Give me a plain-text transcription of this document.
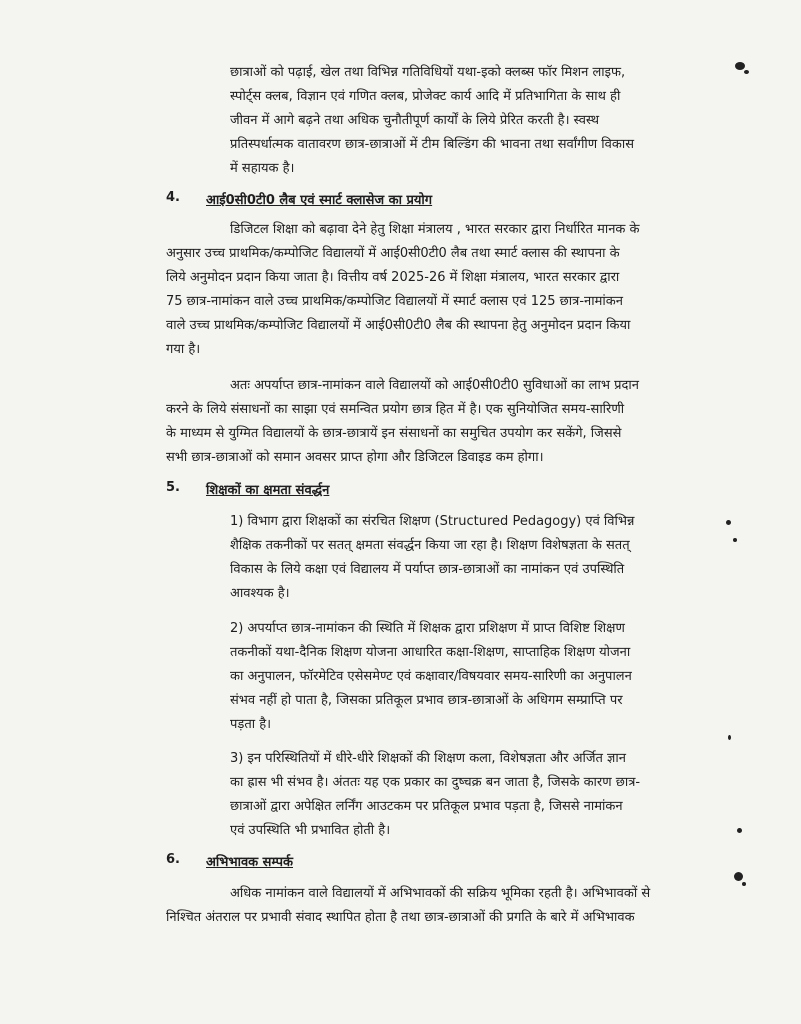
छात्राओं को पढ़ाई, खेल तथा विभिन्न गतिविधियों यथा-इको क्लब्स फॉर मिशन लाइफ,
स्पोर्ट्स क्लब, विज्ञान एवं गणित क्लब, प्रोजेक्ट कार्य आदि में प्रतिभागिता के साथ ही
जीवन में आगे बढ़ने तथा अधिक चुनौतीपूर्ण कार्यों के लिये प्रेरित करती है। स्वस्थ
प्रतिस्पर्धात्मक वातावरण छात्र-छात्राओं में टीम बिल्डिंग की भावना तथा सर्वांगीण विकास
में सहायक है।
4. आई0सी0टी0 लैब एवं स्मार्ट क्लासेज का प्रयोग
डिजिटल शिक्षा को बढ़ावा देने हेतु शिक्षा मंत्रालय , भारत सरकार द्वारा निर्धारित मानक के
अनुसार उच्च प्राथमिक/कम्पोजिट विद्यालयों में आई0सी0टी0 लैब तथा स्मार्ट क्लास की स्थापना के
लिये अनुमोदन प्रदान किया जाता है। वित्तीय वर्ष 2025-26 में शिक्षा मंत्रालय, भारत सरकार द्वारा
75 छात्र-नामांकन वाले उच्च प्राथमिक/कम्पोजिट विद्यालयों में स्मार्ट क्लास एवं 125 छात्र-नामांकन
वाले उच्च प्राथमिक/कम्पोजिट विद्यालयों में आई0सी0टी0 लैब की स्थापना हेतु अनुमोदन प्रदान किया
गया है।
अतः अपर्याप्त छात्र-नामांकन वाले विद्यालयों को आई0सी0टी0 सुविधाओं का लाभ प्रदान
करने के लिये संसाधनों का साझा एवं समन्वित प्रयोग छात्र हित में है। एक सुनियोजित समय-सारिणी
के माध्यम से युग्मित विद्यालयों के छात्र-छात्रायें इन संसाधनों का समुचित उपयोग कर सकेंगे, जिससे
सभी छात्र-छात्राओं को समान अवसर प्राप्त होगा और डिजिटल डिवाइड कम होगा।
5. शिक्षकों का क्षमता संवर्द्धन
1) विभाग द्वारा शिक्षकों का संरचित शिक्षण (Structured Pedagogy) एवं विभिन्न
शैक्षिक तकनीकों पर सतत् क्षमता संवर्द्धन किया जा रहा है। शिक्षण विशेषज्ञता के सतत्
विकास के लिये कक्षा एवं विद्यालय में पर्याप्त छात्र-छात्राओं का नामांकन एवं उपस्थिति
आवश्यक है।
2) अपर्याप्त छात्र-नामांकन की स्थिति में शिक्षक द्वारा प्रशिक्षण में प्राप्त विशिष्ट शिक्षण
तकनीकों यथा-दैनिक शिक्षण योजना आधारित कक्षा-शिक्षण, साप्ताहिक शिक्षण योजना
का अनुपालन, फॉरमेटिव एसेसमेण्ट एवं कक्षावार/विषयवार समय-सारिणी का अनुपालन
संभव नहीं हो पाता है, जिसका प्रतिकूल प्रभाव छात्र-छात्राओं के अधिगम सम्प्राप्ति पर
पड़ता है।
3) इन परिस्थितियों में धीरे-धीरे शिक्षकों की शिक्षण कला, विशेषज्ञता और अर्जित ज्ञान
का ह्रास भी संभव है। अंततः यह एक प्रकार का दुष्चक्र बन जाता है, जिसके कारण छात्र-
छात्राओं द्वारा अपेक्षित लर्निंग आउटकम पर प्रतिकूल प्रभाव पड़ता है, जिससे नामांकन
एवं उपस्थिति भी प्रभावित होती है।
6. अभिभावक सम्पर्क
अधिक नामांकन वाले विद्यालयों में अभिभावकों की सक्रिय भूमिका रहती है। अभिभावकों से
निश्चित अंतराल पर प्रभावी संवाद स्थापित होता है तथा छात्र-छात्राओं की प्रगति के बारे में अभिभावक
